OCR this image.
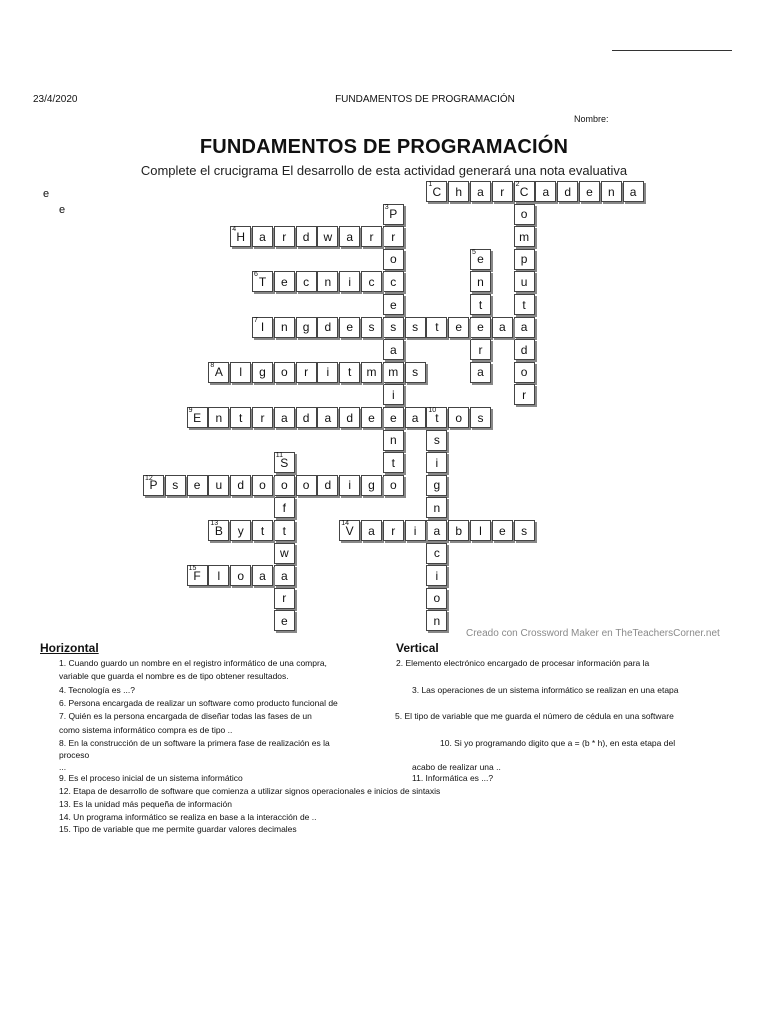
23/4/2020	FUNDAMENTOS DE PROGRAMACIÓN
Nombre:
FUNDAMENTOS DE PROGRAMACIÓN
Complete el crucigrama El desarrollo de esta actividad generará una nota evaluativa
e
e
C
1 h a r C
2 a d e n a
o
m
p
u
t
a
d
o
r
P
3
r
o
c
e
s
a
m
i
e
n
t
o
H
4 a r d w a r
e
5
n
t
e
r
a
T
6 e c n i c
I
7 n g d e s	s t e	a
A
8 l g o r i t m	s
E
9 n t r a d a d e	a t
10 o s
s
i
g
n
a
c
i
o
n
S
11
o
f
t
w
a
r
e
P
12 s e u d o	o d i g
B
13 y t	V
14 a r i	b l e s
F
15 l o a
Creado con Crossword Maker en TheTeachersCorner.net
Horizontal	Vertical
1. Cuando guardo un nombre en el registro informático de una compra,
variable que guarda el nombre es de tipo obtener resultados.
4. Tecnología es ...?
6. Persona encargada de realizar un software como producto funcional de
7. Quién es la persona encargada de diseñar todas las fases de un
como sistema informático compra es de tipo ..
8. En la construcción de un software la primera fase de realización es la
proceso
...
9. Es el proceso inicial de un sistema informático
12. Etapa de desarrollo de software que comienza a utilizar signos operacionales e inicios de sintaxis
13. Es la unidad más pequeña de información
14. Un programa informático se realiza en base a la interacción de ..
15. Tipo de variable que me permite guardar valores decimales
2. Elemento electrónico encargado de procesar información para la
3. Las operaciones de un sistema informático se realizan en una etapa
5. El tipo de variable que me guarda el número de cédula en una software
10. Si yo programando digito que a = (b * h), en esta etapa del
acabo de realizar una ..
11. Informática es ...?
